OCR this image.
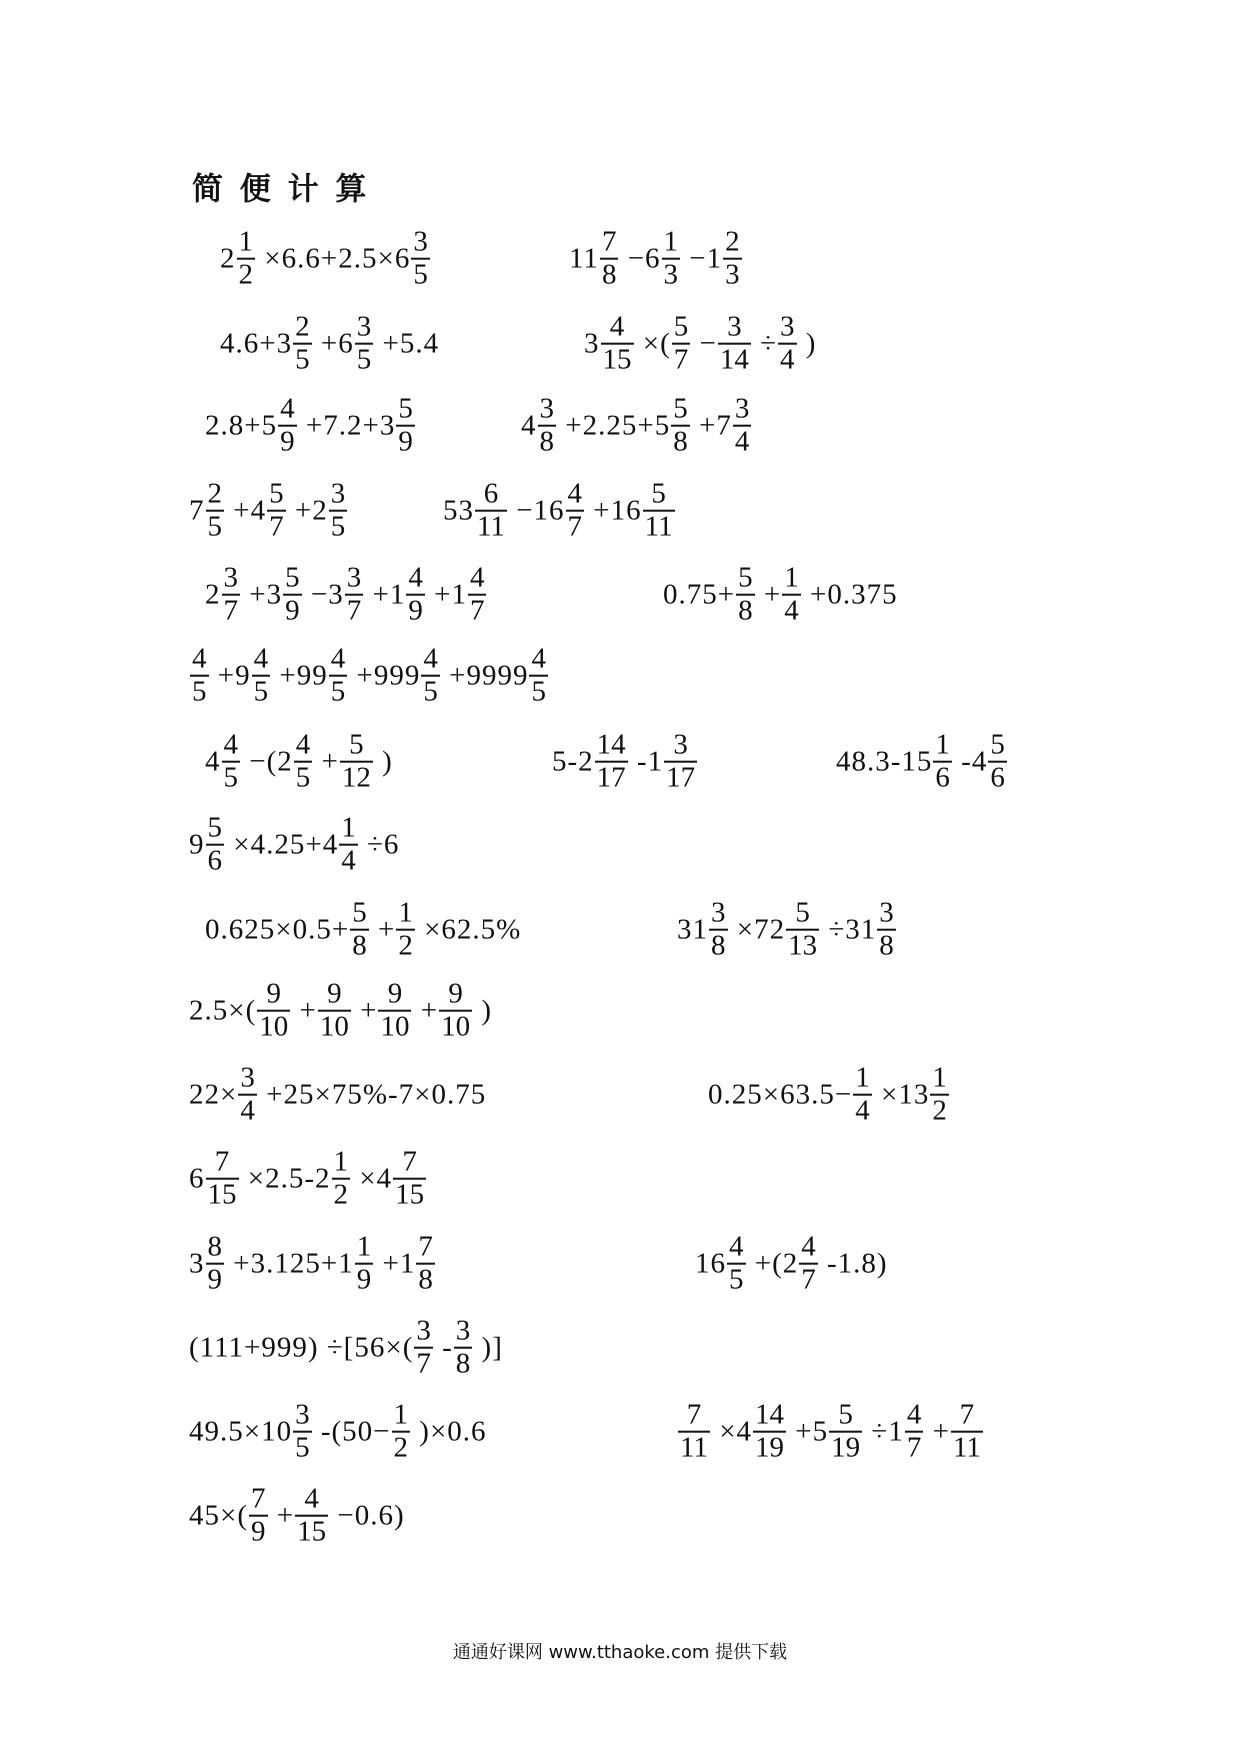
简 便 计 算
$2 \frac{1}{2} \times 6.6+2.5\times 6 \frac{3}{5}$	$11 \frac{7}{8} - 6 \frac{1}{3} - 1 \frac{2}{3}$
$4.6+ 3 \frac{2}{5} + 6 \frac{3}{5} +5.4$	$3 \frac{4}{15}$ ×( $\frac{5}{7} - \frac{3}{14} \div \frac{3}{4}$ )
$2.8+ 5 \frac{4}{9} +7.2+ 3 \frac{5}{9}$	$4 \frac{3}{8} +2.25+ 5 \frac{5}{8} + 7 \frac{3}{4}$
$7 \frac{2}{5} + 4 \frac{5}{7} + 2 \frac{3}{5}$	$53 \frac{6}{11} - 16 \frac{4}{7} + 16 \frac{5}{11}$
$2 \frac{3}{7} + 3 \frac{5}{9} - 3 \frac{3}{7} + 1 \frac{4}{9} + 1 \frac{4}{7}$	$0.75+ \frac{5}{8} + \frac{1}{4} +0.375$
$\frac{4}{5} + 9 \frac{4}{5} + 99 \frac{4}{5} + 999 \frac{4}{5} + 9999 \frac{4}{5}$
$4 \frac{4}{5}$ −( $2 \frac{4}{5} + \frac{5}{12}$ )	5- $2 \frac{14}{17} - 1 \frac{3}{17}$	48.3- $15 \frac{1}{6} - 4 \frac{5}{6}$
$9 \frac{5}{6} \times 4.25+ 4 \frac{1}{4} \div 6$
$0.625\times 0.5+ \frac{5}{8} + \frac{1}{2} \times 62.5\%$	$31 \frac{3}{8} \times 72 \frac{5}{13} \div 31 \frac{3}{8}$
$2.5\times( \frac{9}{10} + \frac{9}{10} + \frac{9}{10} + \frac{9}{10}$ )
$22\times \frac{3}{4} +25\times 75\%-7\times 0.75$	$0.25\times 63.5- \frac{1}{4} \times 13 \frac{1}{2}$
$6 \frac{7}{15} \times 2.5-$ $2 \frac{1}{2} \times 4 \frac{7}{15}$
$3 \frac{8}{9} +3.125+ 1 \frac{1}{9} + 1 \frac{7}{8}$	$16 \frac{4}{5}$ +( $2 \frac{4}{7} -1.8$)
$(111+999) \div[56\times( \frac{3}{7} - \frac{3}{8}$ )]
$49.5\times 10 \frac{3}{5} -(50- \frac{1}{2} )\times 0.6$	$\frac{7}{11} \times 4 \frac{14}{19} + 5 \frac{5}{19} \div 1 \frac{4}{7} + \frac{7}{11}$
$45\times( \frac{7}{9} + \frac{4}{15} -0.6)$
通通好课网 www.tthaoke.com 提供下载
